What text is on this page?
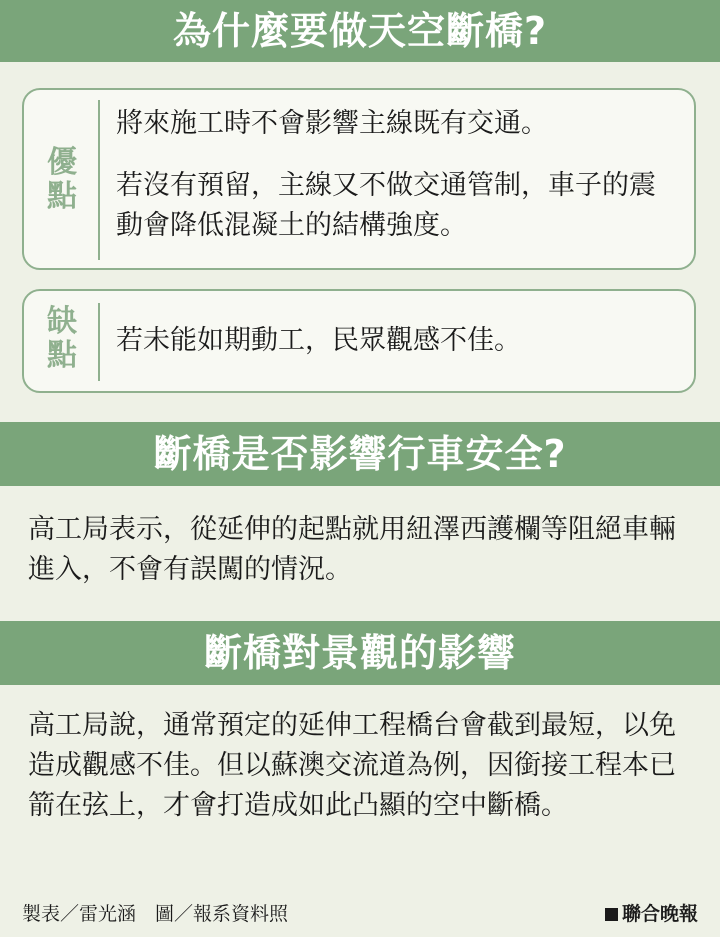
為什麼要做天空斷橋?
優點
將來施工時不會影響主線既有交通。
若沒有預留，主線又不做交通管制，車子的震動會降低混凝土的結構強度。
缺點 若未能如期動工，民眾觀感不佳。
斷橋是否影響行車安全?
高工局表示，從延伸的起點就用紐澤西護欄等阻絕車輛進入，不會有誤闖的情況。
斷橋對景觀的影響
高工局說，通常預定的延伸工程橋台會截到最短，以免造成觀感不佳。但以蘇澳交流道為例，因銜接工程本已箭在弦上，才會打造成如此凸顯的空中斷橋。
製表／雷光涵　圖／報系資料照	聯合晚報
